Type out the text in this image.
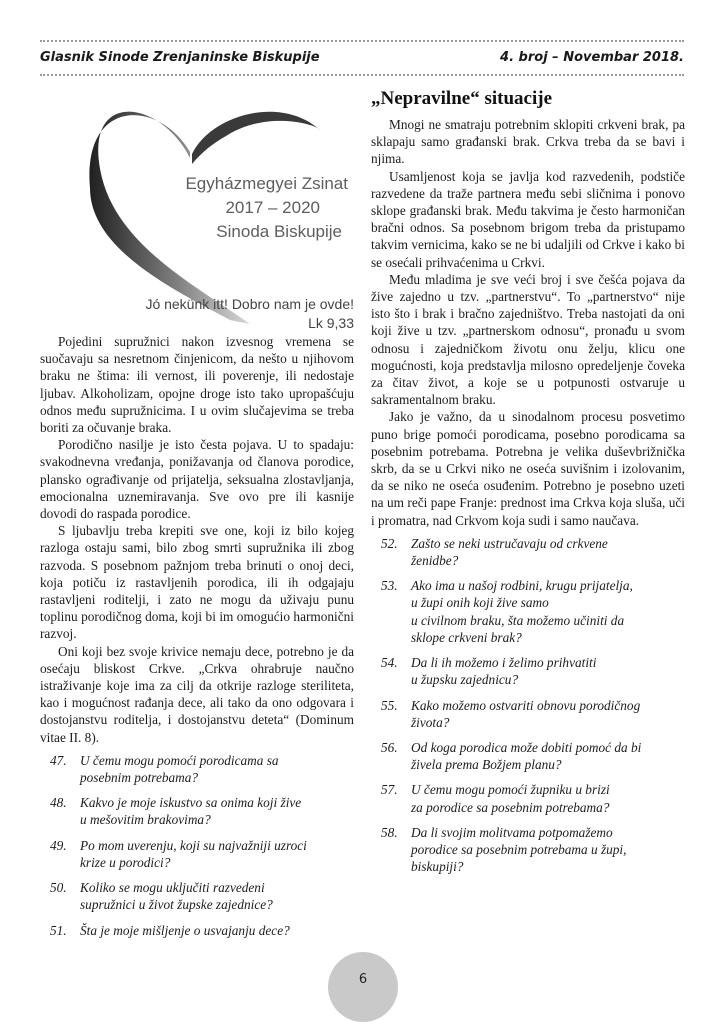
Glasnik Sinode Zrenjaninske Biskupije	4. broj – Novembar 2018.
Egyházmegyei Zsinat
2017 – 2020
Sinoda Biskupije
Jó nekünk itt! Dobro nam je ovde!
Lk 9,33

Pojedini supružnici nakon izvesnog vremena se suočavaju sa nesretnom činjenicom, da nešto u njihovom braku ne štima: ili vernost, ili poverenje, ili nedostaje ljubav. Alkoholizam, opojne droge isto tako upropašćuju odnos među supružnicima. I u ovim slučajevima se treba boriti za očuvanje braka.

Porodično nasilje je isto česta pojava. U to spadaju: svakodnevna vređanja, ponižavanja od članova porodice, plansko ograđivanje od prijatelja, seksualna zlostavljanja, emocionalna uznemiravanja. Sve ovo pre ili kasnije dovodi do raspada porodice.

S ljubavlju treba krepiti sve one, koji iz bilo kojeg razloga ostaju sami, bilo zbog smrti supružnika ili zbog razvoda. S posebnom pažnjom treba brinuti o onoj deci, koja potiču iz rastavljenih porodica, ili ih odgajaju rastavljeni roditelji, i zato ne mogu da uživaju punu toplinu porodičnog doma, koji bi im omogućio harmonični razvoj.

Oni koji bez svoje krivice nemaju dece, potrebno je da osećaju bliskost Crkve. „Crkva ohrabruje naučno istraživanje koje ima za cilj da otkrije razloge steriliteta, kao i mogućnost rađanja dece, ali tako da ono odgovara i dostojanstvu roditelja, i dostojanstvu deteta“ (Dominum vitae II. 8).

47. U čemu mogu pomoći porodicama sa
posebnim potrebama?
48. Kakvo je moje iskustvo sa onima koji žive
u mešovitim brakovima?
49. Po mom uverenju, koji su najvažniji uzroci
krize u porodici?
50. Koliko se mogu uključiti razvedeni
supružnici u život župske zajednice?
51. Šta je moje mišljenje o usvajanju dece?
„Nepravilne“ situacije

Mnogi ne smatraju potrebnim sklopiti crkveni brak, pa sklapaju samo građanski brak. Crkva treba da se bavi i njima.

Usamljenost koja se javlja kod razvedenih, podstiče razvedene da traže partnera među sebi sličnima i ponovo sklope građanski brak. Među takvima je često harmoničan bračni odnos. Sa posebnom brigom treba da pristupamo takvim vernicima, kako se ne bi udaljili od Crkve i kako bi se osećali prihvaćenima u Crkvi.

Među mladima je sve veći broj i sve češća pojava da žive zajedno u tzv. „partnerstvu“. To „partnerstvo“ nije isto što i brak i bračno zajedništvo. Treba nastojati da oni koji žive u tzv. „partnerskom odnosu“, pronađu u svom odnosu i zajedničkom životu onu želju, klicu one mogućnosti, koja predstavlja milosno opredeljenje čoveka za čitav život, a koje se u potpunosti ostvaruje u sakramentalnom braku.

Jako je važno, da u sinodalnom procesu posvetimo puno brige pomoći porodicama, posebno porodicama sa posebnim potrebama. Potrebna je velika duševbrižnička skrb, da se u Crkvi niko ne oseća suvišnim i izolovanim, da se niko ne oseća osuđenim. Potrebno je posebno uzeti na um reči pape Franje: prednost ima Crkva koja sluša, uči i promatra, nad Crkvom koja sudi i samo naučava.

52. Zašto se neki ustručavaju od crkvene
ženidbe?
53. Ako ima u našoj rodbini, krugu prijatelja,
u župi onih koji žive samo
u civilnom braku, šta možemo učiniti da
sklope crkveni brak?
54. Da li ih možemo i želimo prihvatiti
u župsku zajednicu?
55. Kako možemo ostvariti obnovu porodičnog
života?
56. Od koga porodica može dobiti pomoć da bi
živela prema Božjem planu?
57. U čemu mogu pomoći župniku u brizi
za porodice sa posebnim potrebama?
58. Da li svojim molitvama potpomažemo
porodice sa posebnim potrebama u župi,
biskupiji?
6
